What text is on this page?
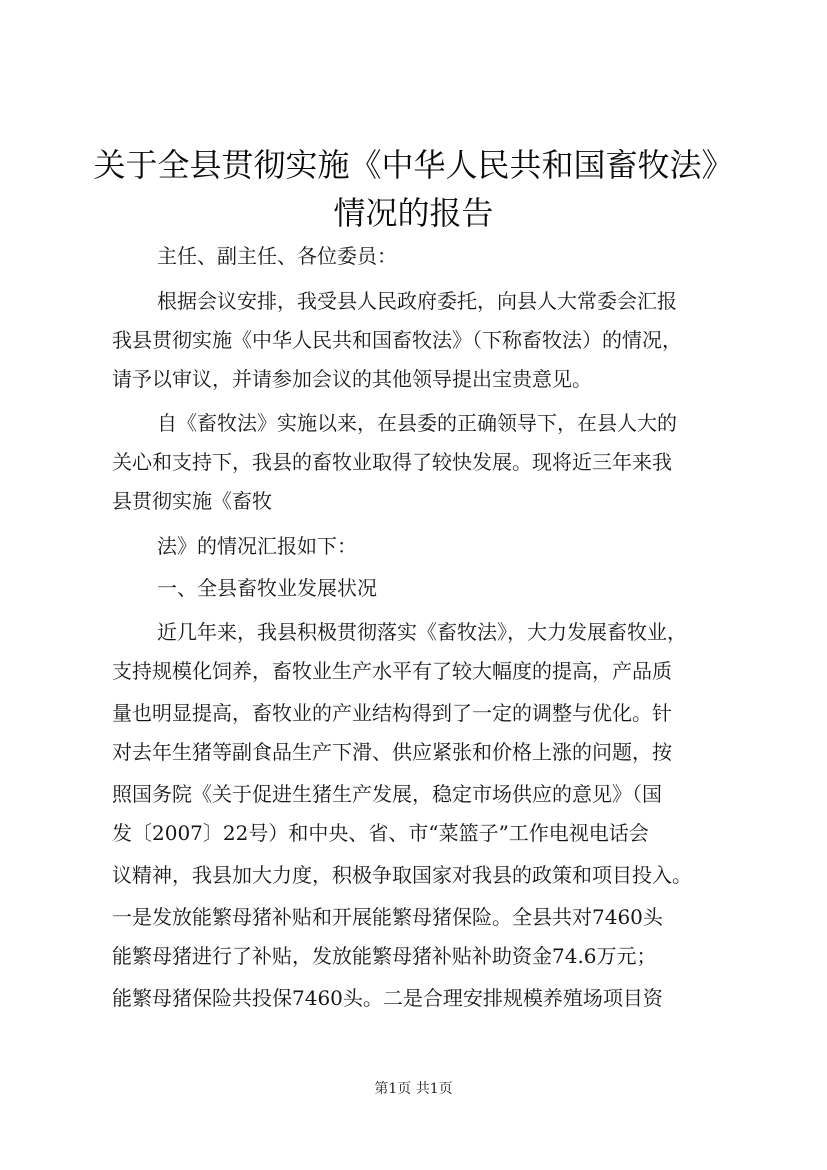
关于全县贯彻实施《中华人民共和国畜牧法》
情况的报告
主任、副主任、各位委员：
根据会议安排，我受县人民政府委托，向县人大常委会汇报
我县贯彻实施《中华人民共和国畜牧法》（下称畜牧法）的情况，
请予以审议，并请参加会议的其他领导提出宝贵意见。
自《畜牧法》实施以来，在县委的正确领导下，在县人大的
关心和支持下，我县的畜牧业取得了较快发展。现将近三年来我
县贯彻实施《畜牧
法》的情况汇报如下：
一、全县畜牧业发展状况
近几年来，我县积极贯彻落实《畜牧法》，大力发展畜牧业，
支持规模化饲养，畜牧业生产水平有了较大幅度的提高，产品质
量也明显提高，畜牧业的产业结构得到了一定的调整与优化。针
对去年生猪等副食品生产下滑、供应紧张和价格上涨的问题，按
照国务院《关于促进生猪生产发展，稳定市场供应的意见》（国
发〔2007〕22号）和中央、省、市“菜篮子”工作电视电话会
议精神，我县加大力度，积极争取国家对我县的政策和项目投入。
一是发放能繁母猪补贴和开展能繁母猪保险。全县共对7460头
能繁母猪进行了补贴，发放能繁母猪补贴补助资金74.6万元；
能繁母猪保险共投保7460头。二是合理安排规模养殖场项目资
第1页 共1页
